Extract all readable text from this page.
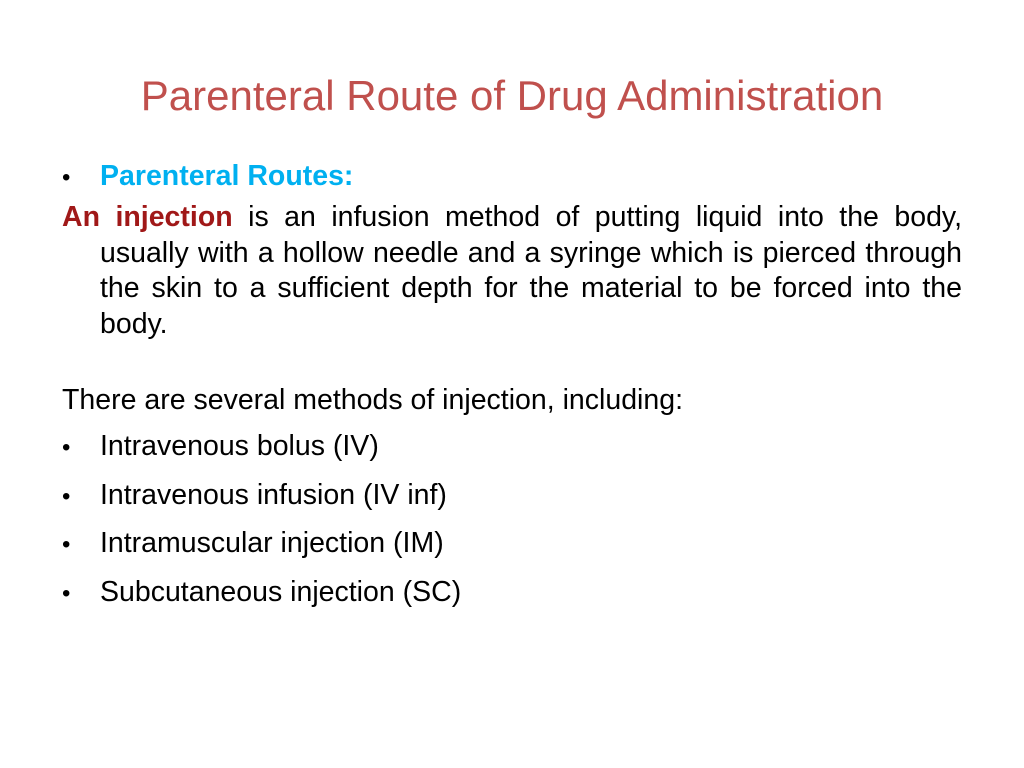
Parenteral Route of Drug Administration
•	Parenteral Routes:
An injection is an infusion method of putting liquid into the body, usually with a hollow needle and a syringe which is pierced through the skin to a sufficient depth for the material to be forced into the body.
There are several methods of injection, including:
•	Intravenous bolus (IV)
•	Intravenous infusion (IV inf)
•	Intramuscular injection (IM)
•	Subcutaneous injection (SC)
